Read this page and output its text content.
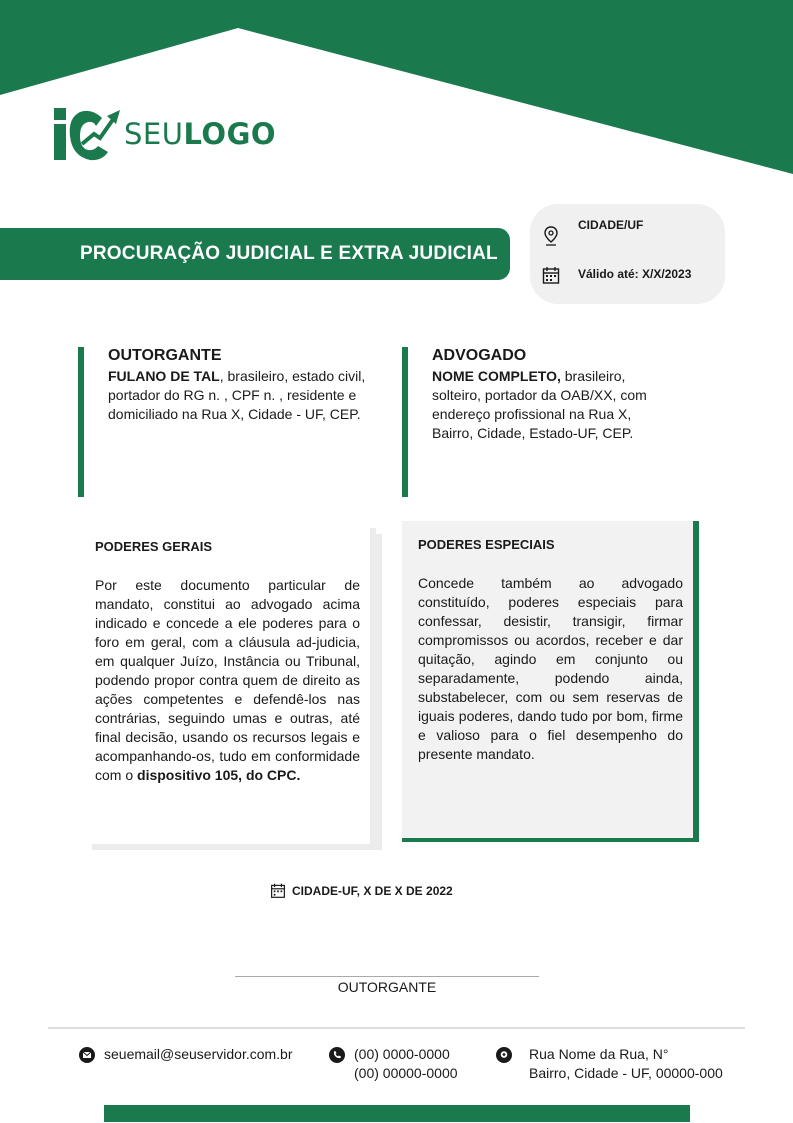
SEULOGO
PROCURAÇÃO JUDICIAL E EXTRA JUDICIAL
CIDADE/UF
Válido até: X/X/2023
OUTORGANTE

FULANO DE TAL, brasileiro, estado civil, portador do RG n. , CPF n. , residente e domiciliado na Rua X, Cidade - UF, CEP.

ADVOGADO

NOME COMPLETO, brasileiro, solteiro, portador da OAB/XX, com endereço profissional na Rua X, Bairro, Cidade, Estado-UF, CEP.

PODERES GERAIS

Por este documento particular de mandato, constitui ao advogado acima indicado e concede a ele poderes para o foro em geral, com a cláusula ad-judicia, em qualquer Juízo, Instância ou Tribunal, podendo propor contra quem de direito as ações competentes e defendê-los nas contrárias, seguindo umas e outras, até final decisão, usando os recursos legais e acompanhando-os, tudo em conformidade com o dispositivo 105, do CPC.

PODERES ESPECIAIS

Concede também ao advogado constituído, poderes especiais para confessar, desistir, transigir, firmar compromissos ou acordos, receber e dar quitação, agindo em conjunto ou separadamente, podendo ainda, substabelecer, com ou sem reservas de iguais poderes, dando tudo por bom, firme e valioso para o fiel desempenho do presente mandato.

CIDADE-UF, X DE X DE 2022
OUTORGANTE
seuemail@seuservidor.com.br	(00) 0000-0000
(00) 00000-0000
Rua Nome da Rua, N°
Bairro, Cidade - UF, 00000-000
